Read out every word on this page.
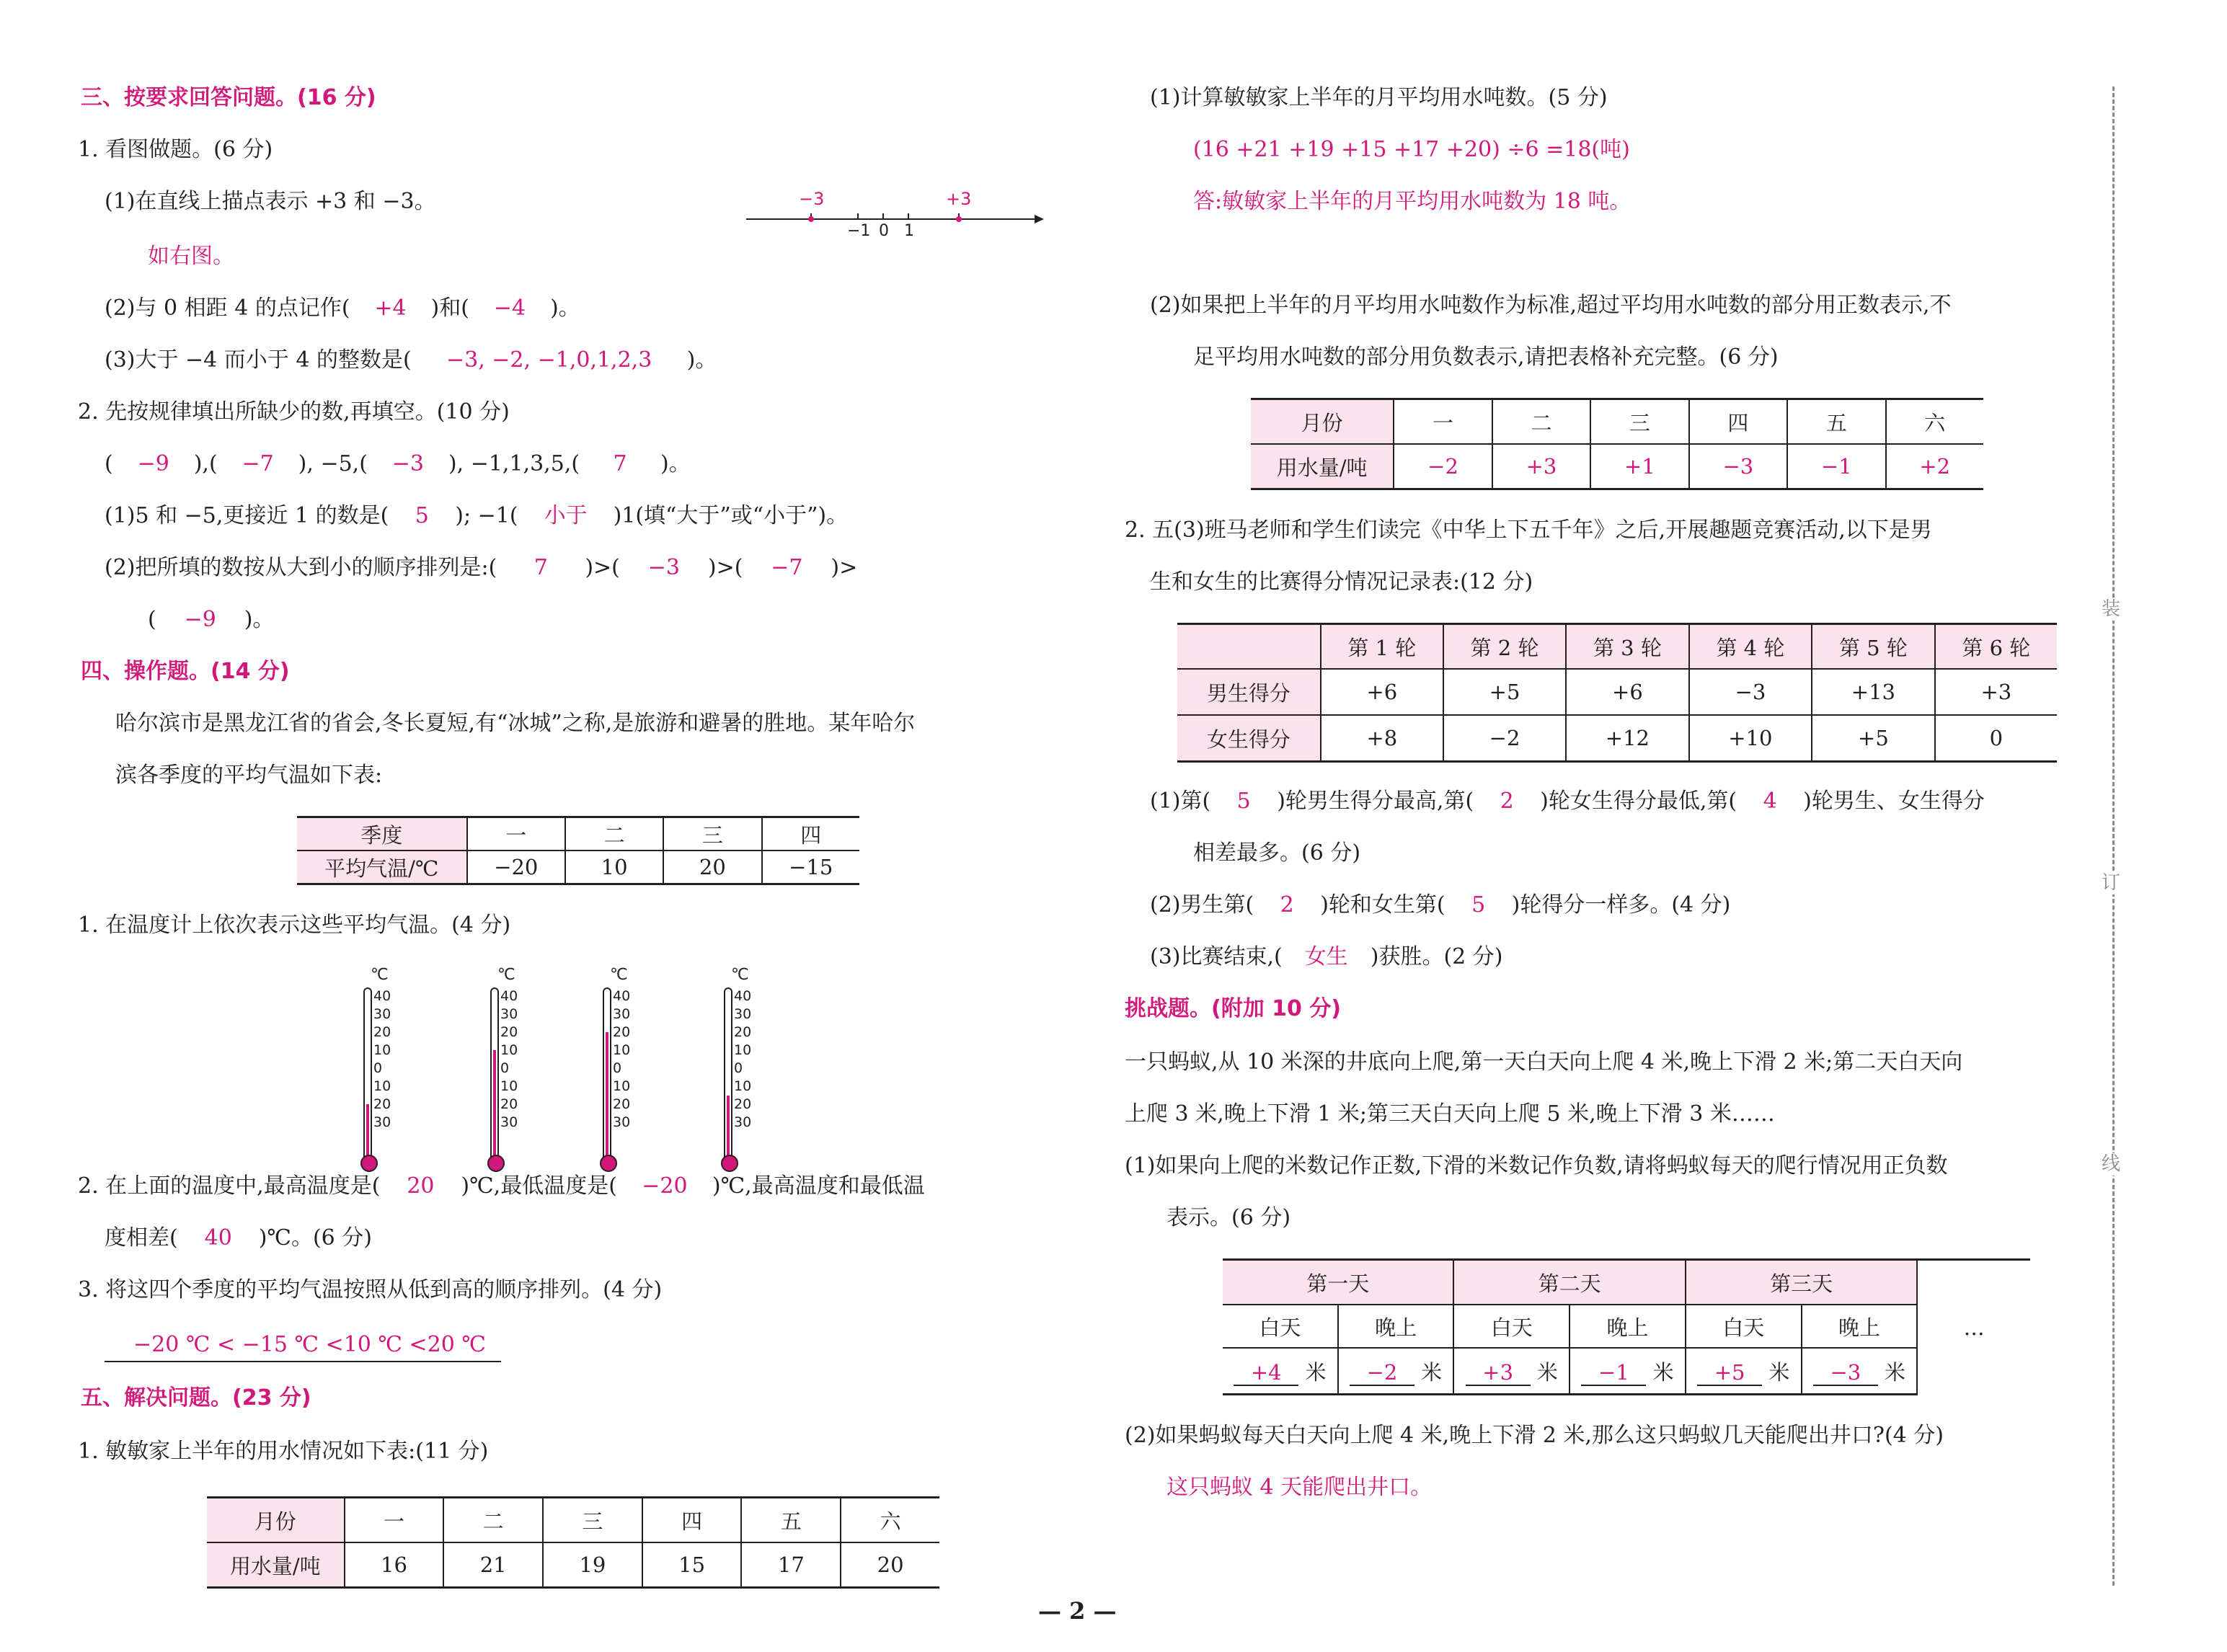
三、按要求回答问题。(16 分)
1. 看图做题。(6 分)
(1)在直线上描点表示 +3 和 −3。
如右图。
−3	+3
−1 0 1
(2)与 0 相距 4 的点记作( +4 )和( −4 )。
(3)大于 −4 而小于 4 的整数是( −3, −2, −1,0,1,2,3 )。
2. 先按规律填出所缺少的数,再填空。(10 分)
( −9 ),( −7 ), −5,( −3 ), −1,1,3,5,( 7 )。
(1)5 和 −5,更接近 1 的数是( 5 ); −1( 小于 )1(填“大于”或“小于”)。
(2)把所填的数按从大到小的顺序排列是:( 7 )>( −3 )>( −7 )>
( −9 )。
四、操作题。(14 分)
哈尔滨市是黑龙江省的省会,冬长夏短,有“冰城”之称,是旅游和避暑的胜地。某年哈尔
滨各季度的平均气温如下表:
季度	一	二	三	四
平均气温/℃	−20	10	20	−15
1. 在温度计上依次表示这些平均气温。(4 分)
℃
40
30
20
10
0
10
20
30
℃
40
30
20
10
0
10
20
30
℃
40
30
20
10
0
10
20
30
℃
40
30
20
10
0
10
20
30
2. 在上面的温度中,最高温度是( 20 )℃,最低温度是( −20 )℃,最高温度和最低温
度相差( 40 )℃。(6 分)
3. 将这四个季度的平均气温按照从低到高的顺序排列。(4 分)
−20 ℃ < −15 ℃ <10 ℃ <20 ℃
五、解决问题。(23 分)
1. 敏敏家上半年的用水情况如下表:(11 分)
月份	一	二	三	四	五	六
用水量/吨	16	21	19	15	17	20
(1)计算敏敏家上半年的月平均用水吨数。(5 分)
(16 +21 +19 +15 +17 +20) ÷6 =18(吨)
答:敏敏家上半年的月平均用水吨数为 18 吨。
(2)如果把上半年的月平均用水吨数作为标准,超过平均用水吨数的部分用正数表示,不
足平均用水吨数的部分用负数表示,请把表格补充完整。(6 分)
月份	一	二	三	四	五	六
用水量/吨	−2	+3	+1	−3	−1	+2
2. 五(3)班马老师和学生们读完《中华上下五千年》之后,开展趣题竞赛活动,以下是男
生和女生的比赛得分情况记录表:(12 分)
	第 1 轮	第 2 轮	第 3 轮	第 4 轮	第 5 轮	第 6 轮
男生得分	+6	+5	+6	−3	+13	+3
女生得分	+8	−2	+12	+10	+5	0
(1)第( 5 )轮男生得分最高,第( 2 )轮女生得分最低,第( 4 )轮男生、女生得分
相差最多。(6 分)
(2)男生第( 2 )轮和女生第( 5 )轮得分一样多。(4 分)
(3)比赛结束,( 女生 )获胜。(2 分)
挑战题。(附加 10 分)
一只蚂蚁,从 10 米深的井底向上爬,第一天白天向上爬 4 米,晚上下滑 2 米;第二天白天向
上爬 3 米,晚上下滑 1 米;第三天白天向上爬 5 米,晚上下滑 3 米……
(1)如果向上爬的米数记作正数,下滑的米数记作负数,请将蚂蚁每天的爬行情况用正负数
表示。(6 分)
第一天		第二天		第三天		…
白天	晚上	白天	晚上	白天	晚上	
+4 米	−2 米	+3 米	−1 米	+5 米	−3 米	
(2)如果蚂蚁每天白天向上爬 4 米,晚上下滑 2 米,那么这只蚂蚁几天能爬出井口?(4 分)
这只蚂蚁 4 天能爬出井口。
装
订
线
— 2 —
